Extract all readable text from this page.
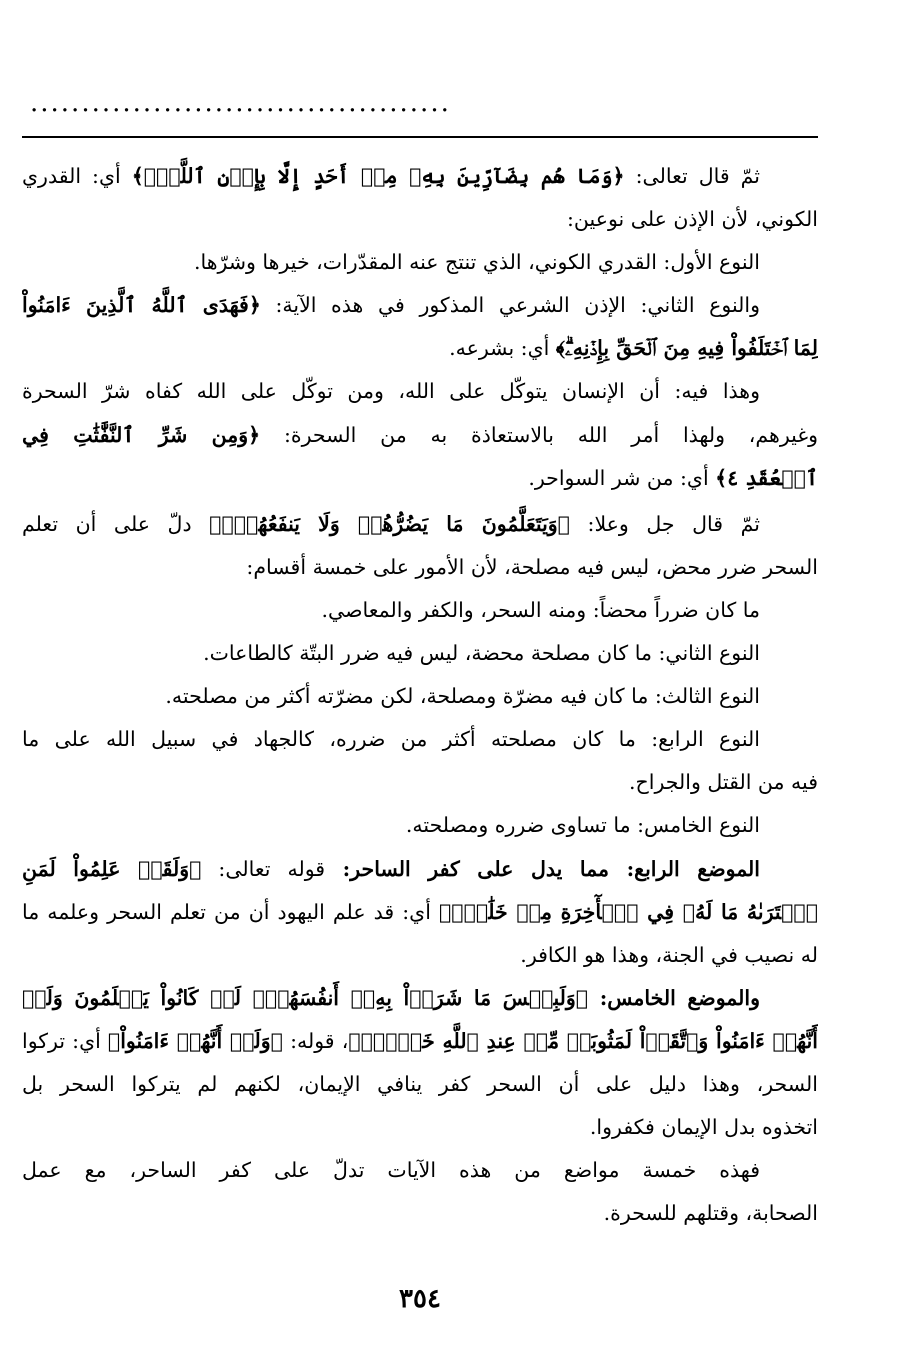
.........................................
ثمّ قال تعالى: ﴿وَمَا هُم بِضَآرِّينَ بِهِۦ مِنۡ أَحَدٍ إِلَّا بِإِذۡنِ ٱللَّهِۚ﴾ أي: القدري
الكوني، لأن الإذن على نوعين:
النوع الأول: القدري الكوني، الذي تنتج عنه المقدّرات، خيرها وشرّها.
والنوع الثاني: الإذن الشرعي المذكور في هذه الآية: ﴿فَهَدَى ٱللَّهُ ٱلَّذِينَ ءَامَنُواْ
لِمَا ٱخۡتَلَفُواْ فِيهِ مِنَ ٱلۡحَقِّ بِإِذۡنِهِۦۗ﴾ أي: بشرعه.
وهذا فيه: أن الإنسان يتوكّل على الله، ومن توكّل على الله كفاه شرّ السحرة
وغيرهم، ولهذا أمر الله بالاستعاذة به من السحرة: ﴿وَمِن شَرِّ ٱلنَّفَّٰثَٰتِ فِي
ٱلۡعُقَدِ ٤﴾ أي: من شر السواحر.
ثمّ قال جل وعلا: ﴿وَيَتَعَلَّمُونَ مَا يَضُرُّهُمۡ وَلَا يَنفَعُهُمۡۚ﴾ دلّ على أن تعلم
السحر ضرر محض، ليس فيه مصلحة، لأن الأمور على خمسة أقسام:
ما كان ضرراً محضاً: ومنه السحر، والكفر والمعاصي.
النوع الثاني: ما كان مصلحة محضة، ليس فيه ضرر البتّة كالطاعات.
النوع الثالث: ما كان فيه مضرّة ومصلحة، لكن مضرّته أكثر من مصلحته.
النوع الرابع: ما كان مصلحته أكثر من ضرره، كالجهاد في سبيل الله على ما
فيه من القتل والجراح.
النوع الخامس: ما تساوى ضرره ومصلحته.
الموضع الرابع: مما يدل على كفر الساحر: قوله تعالى: ﴿وَلَقَدۡ عَلِمُواْ لَمَنِ
ٱشۡتَرَىٰهُ مَا لَهُۥ فِي ٱلۡأٓخِرَةِ مِنۡ خَلَٰقٖۚ﴾ أي: قد علم اليهود أن من تعلم السحر وعلمه ما
له نصيب في الجنة، وهذا هو الكافر.
والموضع الخامس: ﴿وَلَبِئۡسَ مَا شَرَوۡاْ بِهِۦٓ أَنفُسَهُمۡۚ لَوۡ كَانُواْ يَعۡلَمُونَ وَلَوۡ
أَنَّهُمۡ ءَامَنُواْ وَٱتَّقَوۡاْ لَمَثُوبَةٞ مِّنۡ عِندِ ٱللَّهِ خَيۡرٞۖ﴾، قوله: ﴿وَلَوۡ أَنَّهُمۡ ءَامَنُواْ﴾ أي: تركوا
السحر، وهذا دليل على أن السحر كفر ينافي الإيمان، لكنهم لم يتركوا السحر بل
اتخذوه بدل الإيمان فكفروا.
فهذه خمسة مواضع من هذه الآيات تدلّ على كفر الساحر، مع عمل
الصحابة، وقتلهم للسحرة.
٣٥٤
